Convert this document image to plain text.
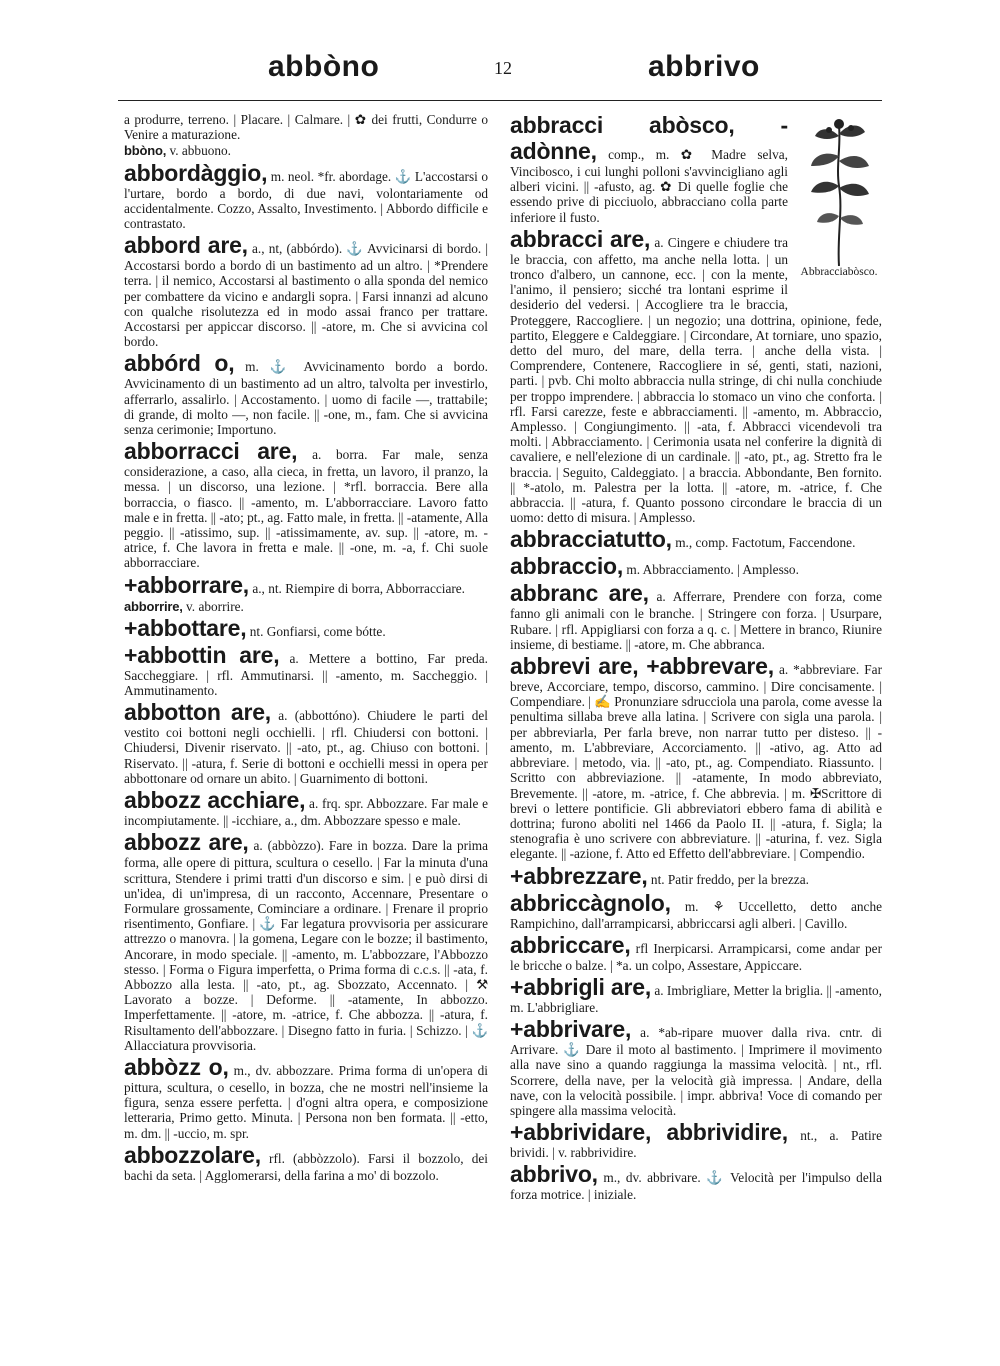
abbòno	12	abbrivo
a produrre, terreno. | Placare. | Calmare. | ✿ dei frutti, Condurre o Venire a maturazione.
bbòno, v. abbuono.
abbordàggio, m. neol. *fr. abordage. ⚓ L'accostarsi o l'urtare, bordo a bordo, di due navi, volontariamente od accidentalmente. Cozzo, Assalto, Investimento. | Abbordo difficile e contrastato.
abbord are, a., nt, (abbórdo). ⚓ Avvicinarsi di bordo. | Accostarsi bordo a bordo di un bastimento ad un altro. | *Prendere terra. | il nemico, Accostarsi al bastimento o alla sponda del nemico per combattere da vicino e andargli sopra. | Farsi innanzi ad alcuno con qualche risolutezza ed in modo assai franco per trattare. Accostarsi per appiccar discorso. || -atore, m. Che si avvicina col bordo.
abbórd o, m. ⚓ Avvicinamento bordo a bordo. Avvicinamento di un bastimento ad un altro, talvolta per investirlo, afferrarlo, assalirlo. | Accostamento. | uomo di facile —, trattabile; di grande, di molto —, non facile. || -one, m., fam. Che si avvicina senza cerimonie; Importuno.
abborracci are, a. borra. Far male, senza considerazione, a caso, alla cieca, in fretta, un lavoro, il pranzo, la messa. | un discorso, una lezione. | *rfl. borraccia. Bere alla borraccia, o fiasco. || -amento, m. L'abborracciare. Lavoro fatto male e in fretta. || -ato; pt., ag. Fatto male, in fretta. || -atamente, Alla peggio. || -atissimo, sup. || -atissimamente, av. sup. || -atore, m. -atrice, f. Che lavora in fretta e male. || -one, m. -a, f. Chi suole abborracciare.
+abborrare, a., nt. Riempire di borra, Abborracciare.
abborrire, v. aborrire.
+abbottare, nt. Gonfiarsi, come bótte.
+abbottin are, a. Mettere a bottino, Far preda. Saccheggiare. | rfl. Ammutinarsi. || -amento, m. Saccheggio. | Ammutinamento.
abbotton are, a. (abbottóno). Chiudere le parti del vestito coi bottoni negli occhielli. | rfl. Chiudersi con bottoni. | Chiudersi, Divenir riservato. || -ato, pt., ag. Chiuso con bottoni. | Riservato. || -atura, f. Serie di bottoni e occhielli messi in opera per abbottonare od ornare un abito. | Guarnimento di bottoni.
abbozz acchiare, a. frq. spr. Abbozzare. Far male e incompiutamente. || -icchiare, a., dm. Abbozzare spesso e male.
abbozz are, a. (abbòzzo). Fare in bozza. Dare la prima forma, alle opere di pittura, scultura o cesello. | Far la minuta d'una scrittura, Stendere i primi tratti d'un discorso e sim. | e può dirsi di un'idea, di un'impresa, di un racconto, Accennare, Presentare o Formulare grossamente, Cominciare a ordinare. | Frenare il proprio risentimento, Gonfiare. | ⚓ Far legatura provvisoria per assicurare attrezzo o manovra. | la gomena, Legare con le bozze; il bastimento, Ancorare, in modo speciale. || -amento, m. L'abbozzare, l'Abbozzo stesso. | Forma o Figura imperfetta, o Prima forma di c.c.s. || -ata, f. Abbozzo alla lesta. || -ato, pt., ag. Sbozzato, Accennato. | ⚒ Lavorato a bozze. | Deforme. || -atamente, In abbozzo. Imperfettamente. || -atore, m. -atrice, f. Che abbozza. || -atura, f. Risultamento dell'abbozzare. | Disegno fatto in furia. | Schizzo. | ⚓ Allacciatura provvisoria.
abbòzz o, m., dv. abbozzare. Prima forma di un'opera di pittura, scultura, o cesello, in bozza, che ne mostri nell'insieme la figura, senza essere perfetta. | d'ogni altra opera, e composizione letteraria, Primo getto. Minuta. | Persona non ben formata. || -etto, m. dm. || -uccio, m. spr.
abbozzolare, rfl. (abbòzzolo). Farsi il bozzolo, dei bachi da seta. | Agglomerarsi, della farina a mo' di bozzolo.
Abbracciabòsco.
abbracci abòsco, -adònne, comp., m. ✿ Madre selva, Vincibosco, i cui lunghi polloni s'avvincigliano agli alberi vicini. || -afusto, ag. ✿ Di quelle foglie che essendo prive di picciuolo, abbracciano colla parte inferiore il fusto.
abbracci are, a. Cingere e chiudere tra le braccia, con affetto, ma anche nella lotta. | un tronco d'albero, un cannone, ecc. | con la mente, l'animo, il pensiero; sicché tra lontani esprime il desiderio del vedersi. | Accogliere tra le braccia, Proteggere, Raccogliere. | un negozio; una dottrina, opinione, fede, partito, Eleggere e Caldeggiare. | Circondare, At torniare, uno spazio, detto del muro, del mare, della terra. | anche della vista. | Comprendere, Contenere, Raccogliere in sé, genti, stati, nazioni, parti. | pvb. Chi molto abbraccia nulla stringe, di chi nulla conchiude per troppo imprendere. | abbraccia lo stomaco un vino che conforta. | rfl. Farsi carezze, feste e abbracciamenti. || -amento, m. Abbraccio, Amplesso. | Congiungimento. || -ata, f. Abbracci vicendevoli tra molti. | Abbracciamento. | Cerimonia usata nel conferire la dignità di cavaliere, e nell'elezione di un cardinale. || -ato, pt., ag. Stretto fra le braccia. | Seguito, Caldeggiato. | a braccia. Abbondante, Ben fornito. || *-atolo, m. Palestra per la lotta. || -atore, m. -atrice, f. Che abbraccia. || -atura, f. Quanto possono circondare le braccia di un uomo: detto di misura. | Amplesso.
abbracciatutto, m., comp. Factotum, Faccendone.
abbraccio, m. Abbracciamento. | Amplesso.
abbranc are, a. Afferrare, Prendere con forza, come fanno gli animali con le branche. | Stringere con forza. | Usurpare, Rubare. | rfl. Appigliarsi con forza a q. c. | Mettere in branco, Riunire insieme, di bestiame. || -atore, m. Che abbranca.
abbrevi are, +abbrevare, a. *abbreviare. Far breve, Accorciare, tempo, discorso, cammino. | Dire concisamente. | Compendiare. | ✍ Pronunziare sdrucciola una parola, come avesse la penultima sillaba breve alla latina. | Scrivere con sigla una parola. | per abbreviarla, Per farla breve, non narrar tutto per disteso. || -amento, m. L'abbreviare, Accorciamento. || -ativo, ag. Atto ad abbreviare. | metodo, via. || -ato, pt., ag. Compendiato. Riassunto. | Scritto con abbreviazione. || -atamente, In modo abbreviato, Brevemente. || -atore, m. -atrice, f. Che abbrevia. | m. ✠Scrittore di brevi o lettere pontificie. Gli abbreviatori ebbero fama di abilità e dottrina; furono aboliti nel 1466 da Paolo II. || -atura, f. Sigla; la stenografia è uno scrivere con abbreviature. || -aturina, f. vez. Sigla elegante. || -azione, f. Atto ed Effetto dell'abbreviare. | Compendio.
+abbrezzare, nt. Patir freddo, per la brezza.
abbriccàgnolo, m. ⚘ Uccelletto, detto anche Rampichino, dall'arrampicarsi, abbriccarsi agli alberi. | Cavillo.
abbriccare, rfl Inerpicarsi. Arrampicarsi, come andar per le bricche o balze. | *a. un colpo, Assestare, Appiccare.
+abbrigli are, a. Imbrigliare, Metter la briglia. || -amento, m. L'abbrigliare.
+abbrivare, a. *ab-ripare muover dalla riva. cntr. di Arrivare. ⚓ Dare il moto al bastimento. | Imprimere il movimento alla nave sino a quando raggiunga la massima velocità. | nt., rfl. Scorrere, della nave, per la velocità già impressa. | Andare, della nave, con la velocità possibile. | impr. abbriva! Voce di comando per spingere alla massima velocità.
+abbrividare, abbrividire, nt., a. Patire brividi. | v. rabbrividire.
abbrivo, m., dv. abbrivare. ⚓ Velocità per l'impulso della forza motrice. | iniziale.
